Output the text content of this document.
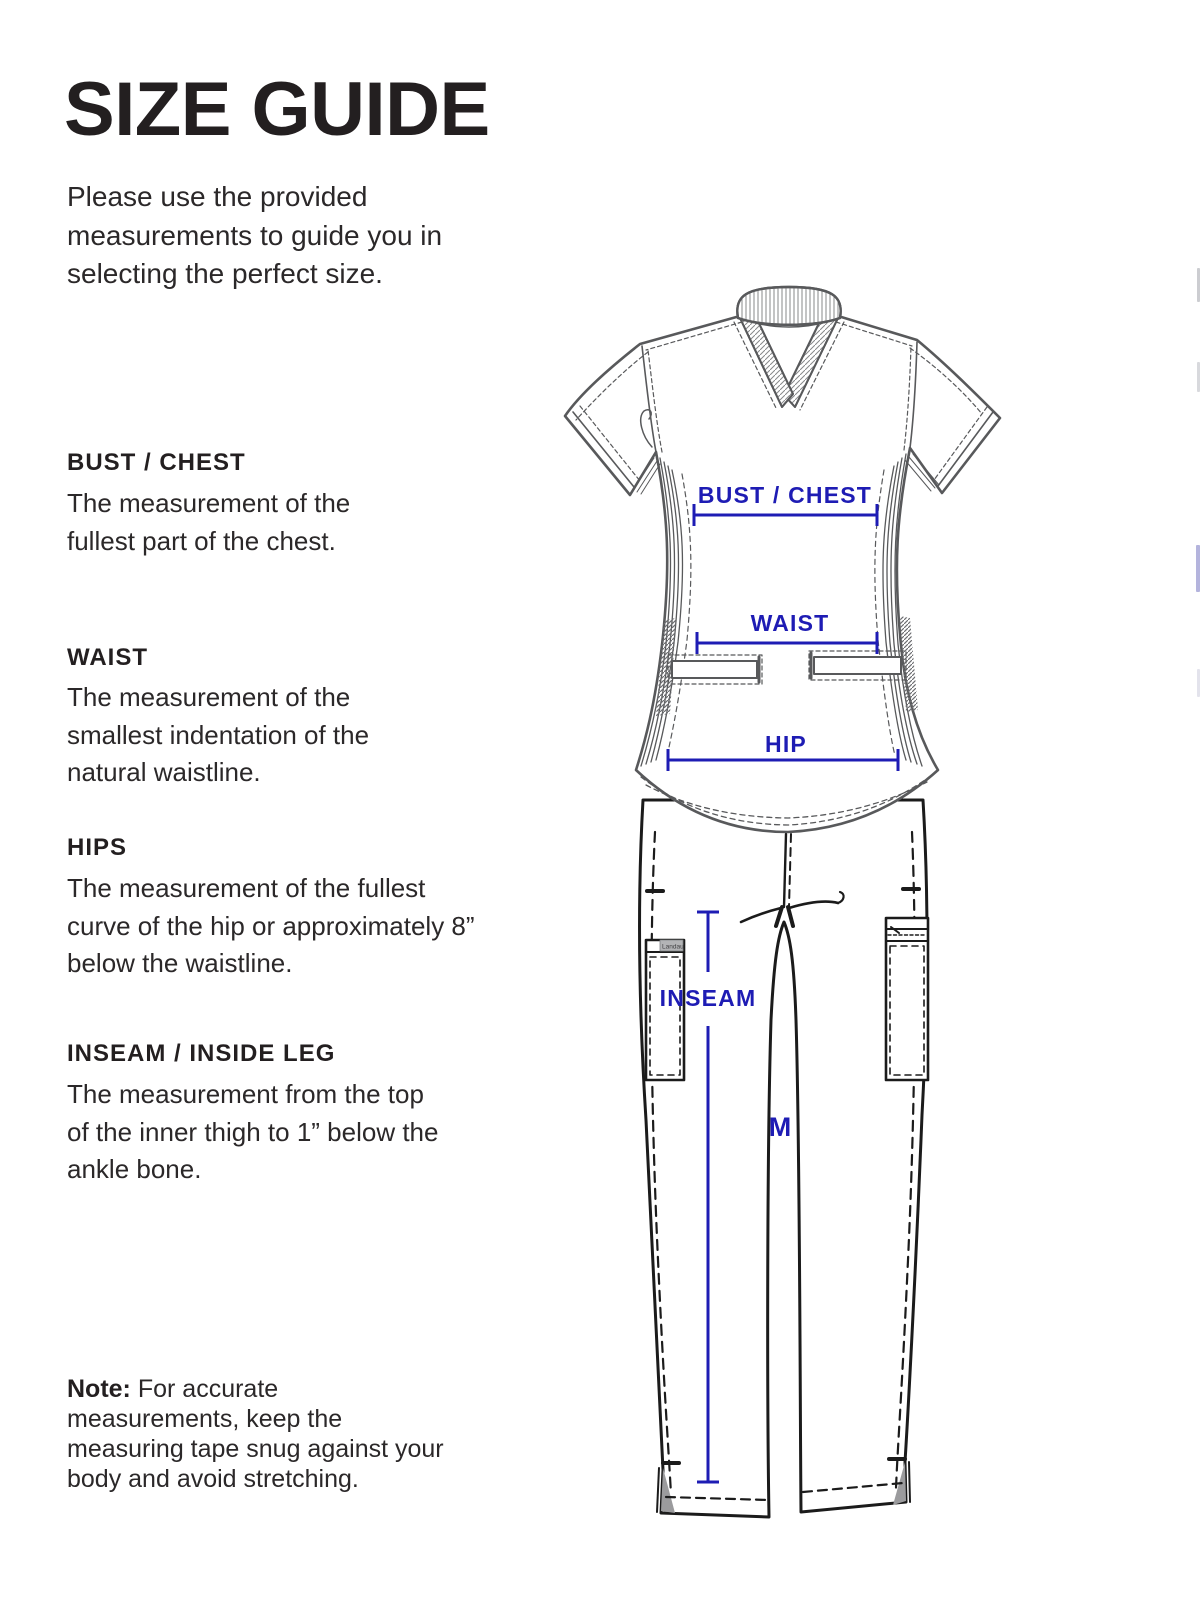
SIZE GUIDE
Please use the provided measurements to guide you in selecting the perfect size.
BUST / CHEST
The measurement of the fullest part of the chest.
WAIST
The measurement of the smallest indentation of the natural waistline.
HIPS
The measurement of the fullest curve of the hip or approximately 8” below the waistline.
INSEAM / INSIDE LEG
The measurement from the top of the inner thigh to 1” below the ankle bone.

Note: For accurate measurements, keep the measuring tape snug against your body and avoid stretching.

Landau
BUST / CHEST
WAIST
HIP
INSEAM
M
